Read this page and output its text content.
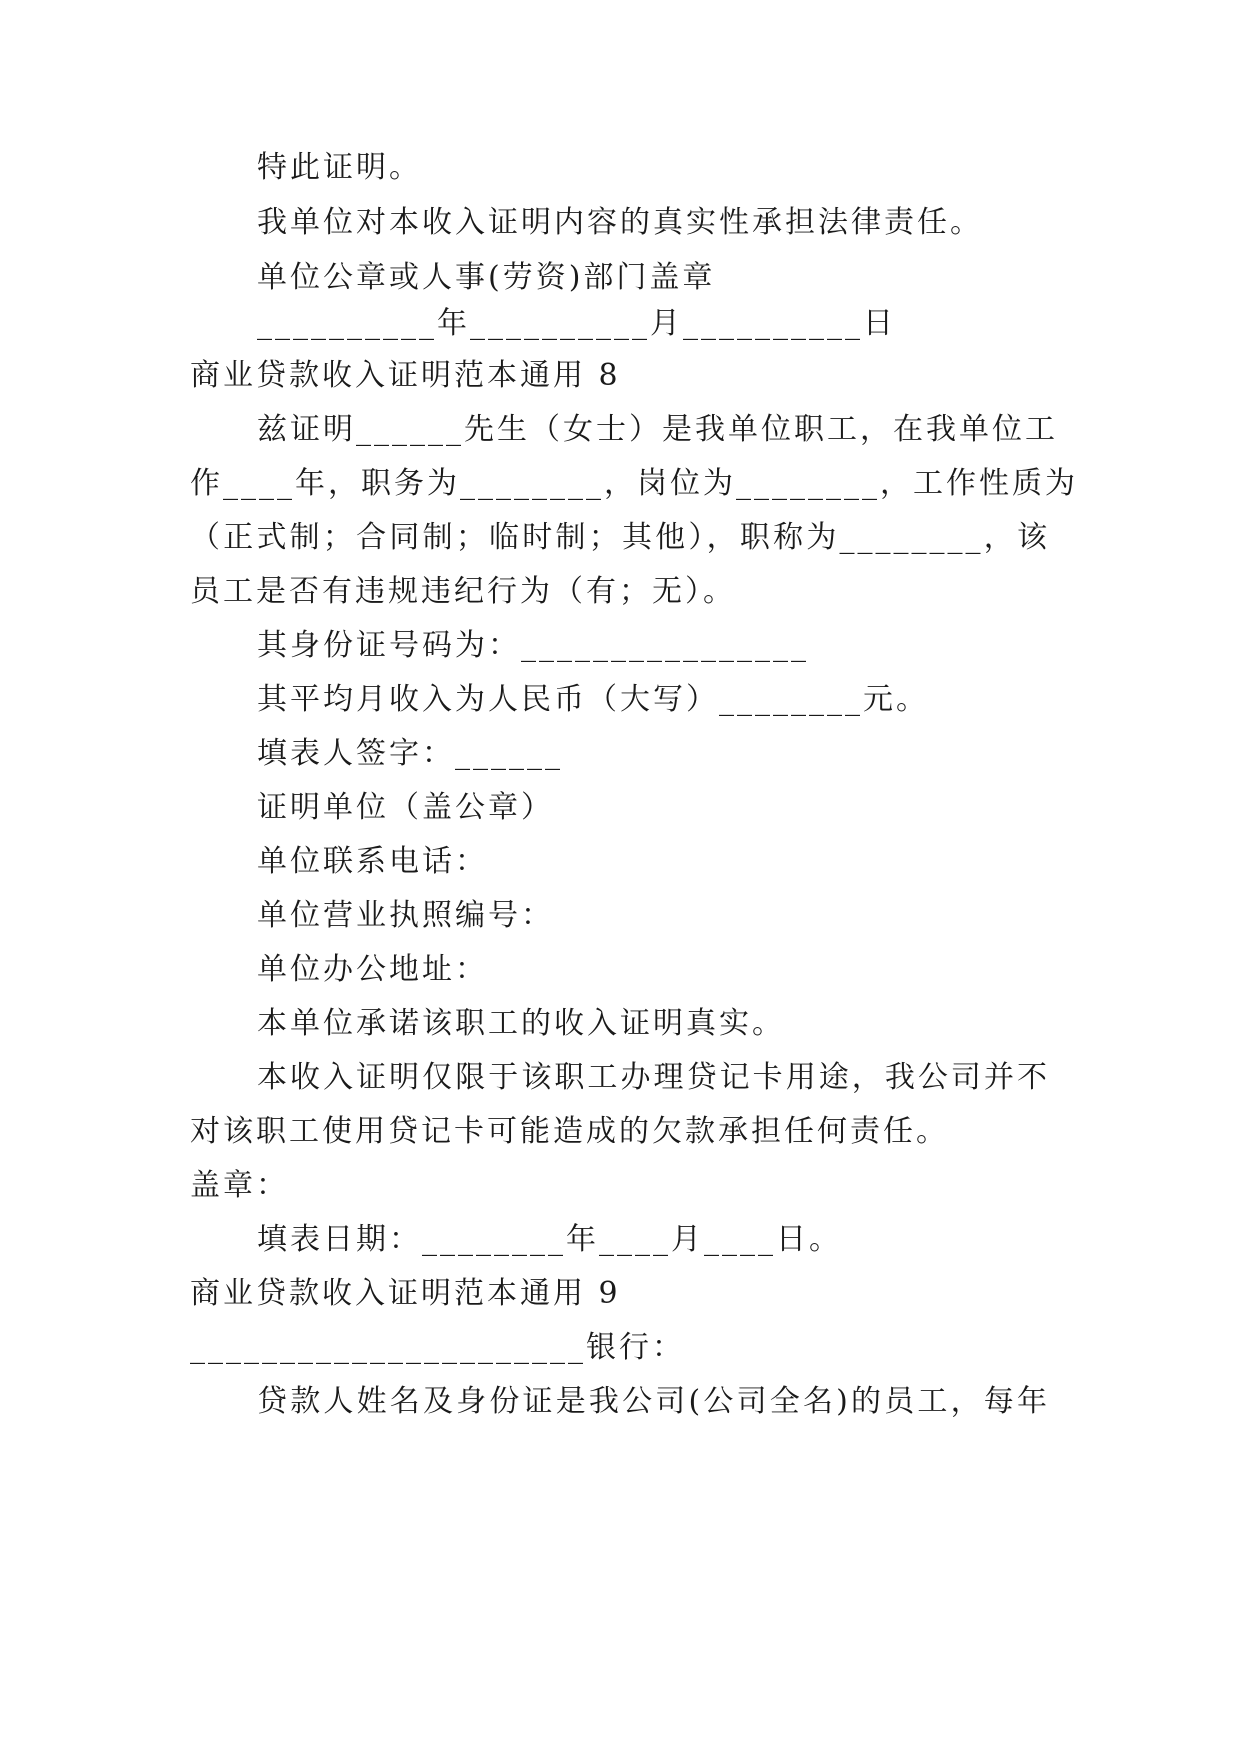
特此证明。
我单位对本收入证明内容的真实性承担法律责任。
单位公章或人事(劳资)部门盖章
__________年__________月__________日
商业贷款收入证明范本通用 8
兹证明______先生（女士）是我单位职工，在我单位工
作____年，职务为________，岗位为________，工作性质为
（正式制；合同制；临时制；其他），职称为________，该
员工是否有违规违纪行为（有；无）。
其身份证号码为：________________
其平均月收入为人民币（大写）________元。
填表人签字：______
证明单位（盖公章）
单位联系电话：
单位营业执照编号：
单位办公地址：
本单位承诺该职工的收入证明真实。
本收入证明仅限于该职工办理贷记卡用途，我公司并不
对该职工使用贷记卡可能造成的欠款承担任何责任。
盖章：
填表日期：________年____月____日。
商业贷款收入证明范本通用 9
______________________银行：
贷款人姓名及身份证是我公司(公司全名)的员工，每年
